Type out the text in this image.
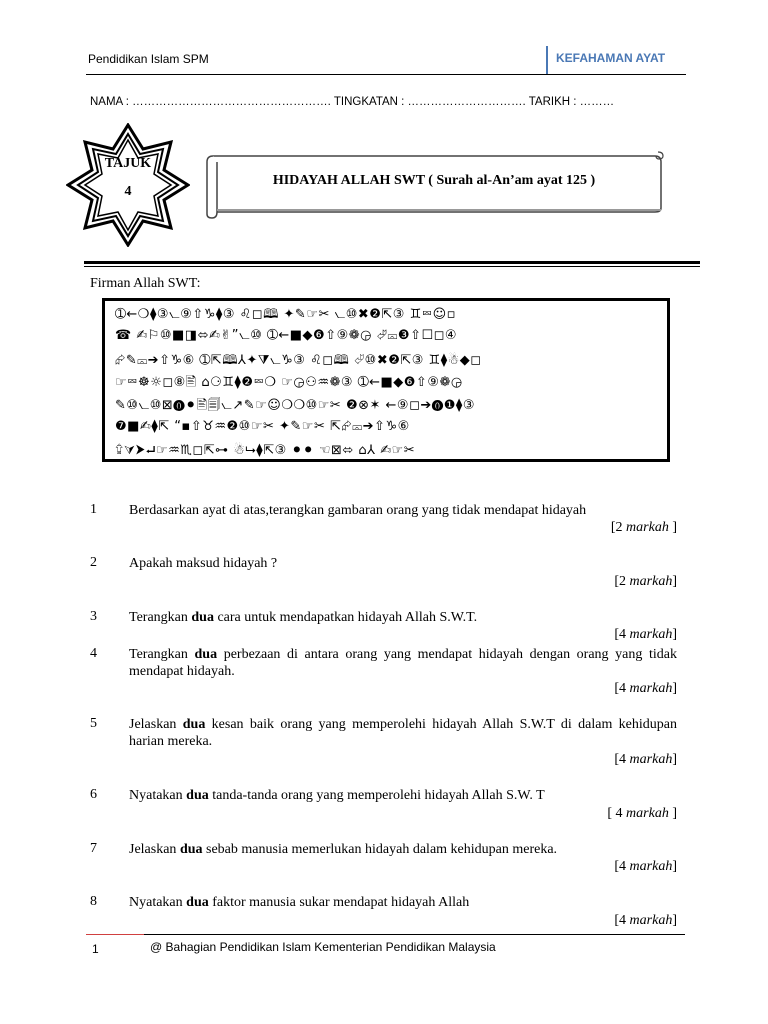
Pendidikan Islam SPM	KEFAHAMAN AYAT
NAMA : ……………………………………………. TINGKATAN : …………………………. TARIKH : ………
TAJUK
4
HIDAYAH ALLAH SWT ( Surah al-An’am ayat 125 )
Firman Allah SWT:
➀←❍⧫③⦦⑨⇧♑⧫③ ♌◻🕮 ✦✎☞✂ ⦦⑩✖❷⇱③ ♊⮹☺▫
☎ ✍⚐⑩■◨⬄✍✌”⦦⑩ ➀←■◆❻⇧⑨❁◶ ⮰⮹❸⇧☐◻④
⮳✎⮹➔⇧♑⑥ ➀⇱🕮⅄✦⧩⦦♑③ ♌◻🕮 ⮰⑩✖❷⇱③ ♊⧫☃◆◻
☞⮹☸☼◻⑧🖹 ⌂⚆♊⧫❷⮹❍ ☞◶⚇♒❁③ ➀←■◆❻⇧⑨❁◶
✎⑩⦦⑩⊠⓿⚫🖹🗐⦦↗✎☞☺❍❍⑩☞✂ ❷⊗✶ ←⑨◻➔⓿❶⧫③
❼■✍⧫⇱ “▪⇧♉♒❷⑩☞✂ ✦✎☞✂ ⇱⮳⮹➔⇧♑⑥
⮸⮛⮞⮠☞♒♏◻⇱⊶ ☃⮡⧫⇱③ ⚫⚫ ☜⊠⬄ ⌂⅄ ✍☞✂
1 Berdasarkan ayat di atas,terangkan gambaran orang yang tidak mendapat hidayah
[2 markah ]
2 Apakah maksud hidayah ?
[2 markah]
3 Terangkan dua cara untuk mendapatkan hidayah Allah S.W.T.
[4 markah]
4 Terangkan dua perbezaan di antara orang yang mendapat hidayah dengan orang yang tidak mendapat hidayah.
[4 markah]
5 Jelaskan dua kesan baik orang yang memperolehi hidayah Allah S.W.T di dalam kehidupan harian mereka.
[4 markah]
6 Nyatakan dua tanda-tanda orang yang memperolehi hidayah Allah S.W. T
[ 4 markah ]
7 Jelaskan dua sebab manusia memerlukan hidayah dalam kehidupan mereka.
[4 markah]
8 Nyatakan dua faktor manusia sukar mendapat hidayah Allah
[4 markah]
1	@ Bahagian Pendidikan Islam Kementerian Pendidikan Malaysia
